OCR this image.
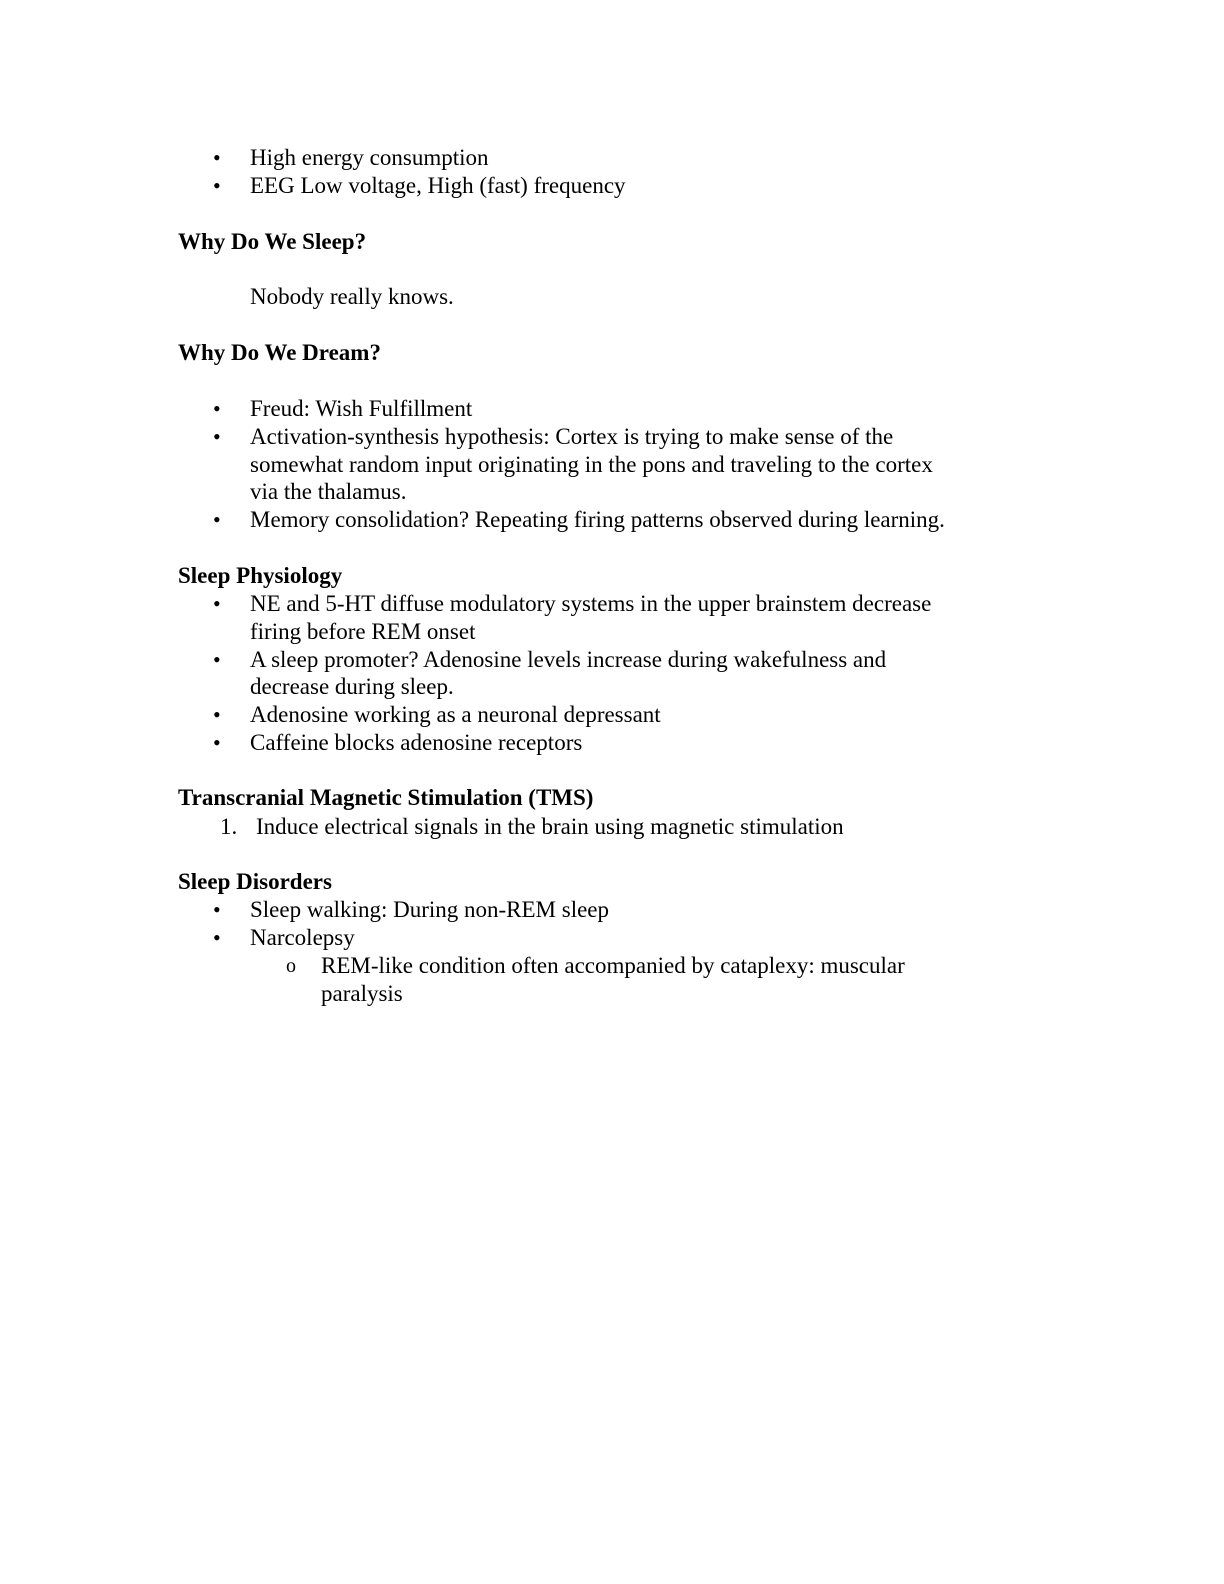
• High energy consumption
• EEG Low voltage, High (fast) frequency
Why Do We Sleep?
Nobody really knows.
Why Do We Dream?
• Freud: Wish Fulfillment
• Activation-synthesis hypothesis: Cortex is trying to make sense of the
somewhat random input originating in the pons and traveling to the cortex
via the thalamus.
• Memory consolidation? Repeating firing patterns observed during learning.
Sleep Physiology
• NE and 5-HT diffuse modulatory systems in the upper brainstem decrease
firing before REM onset
• A sleep promoter? Adenosine levels increase during wakefulness and
decrease during sleep.
• Adenosine working as a neuronal depressant
• Caffeine blocks adenosine receptors
Transcranial Magnetic Stimulation (TMS)
1. Induce electrical signals in the brain using magnetic stimulation
Sleep Disorders
• Sleep walking: During non-REM sleep
• Narcolepsy
o REM-like condition often accompanied by cataplexy: muscular
paralysis
